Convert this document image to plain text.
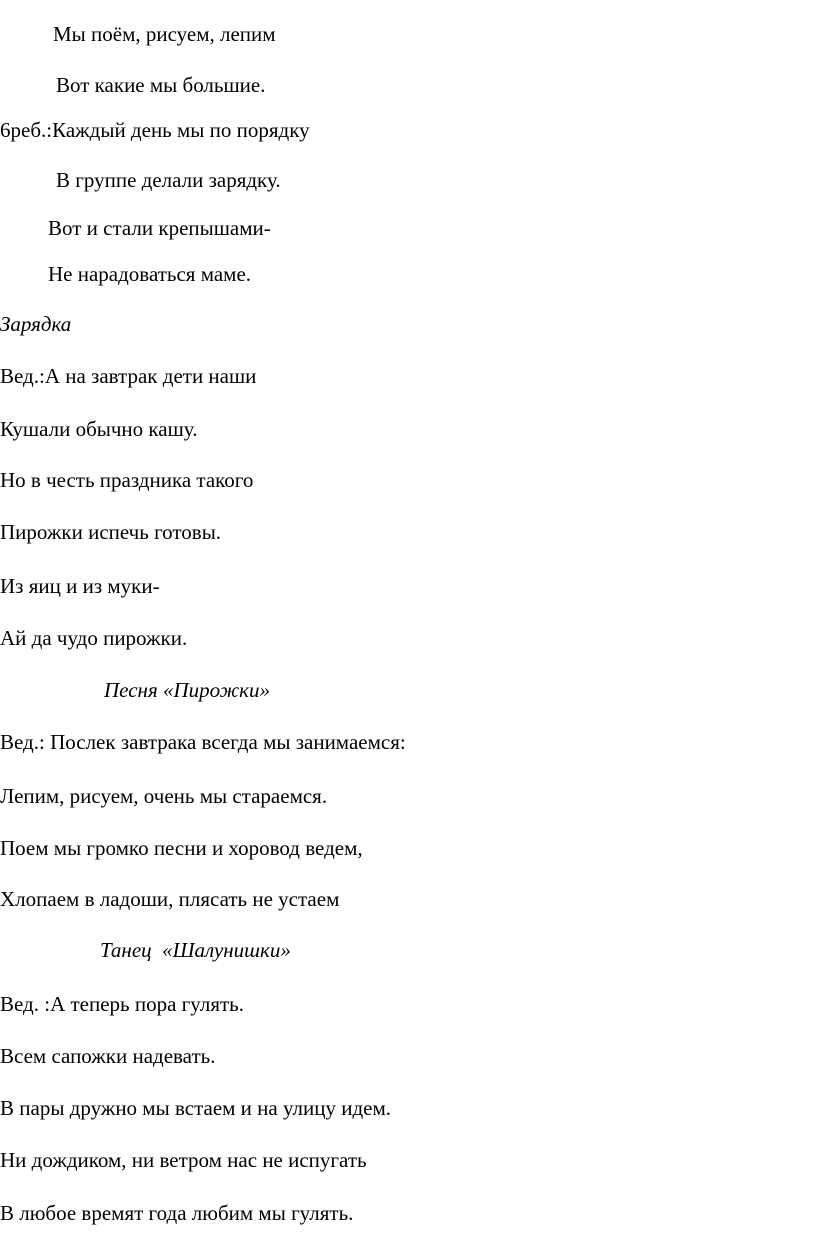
Мы поём, рисуем, лепим
Вот какие мы большие.
6реб.:Каждый день мы по порядку
В группе делали зарядку.
Вот и стали крепышами-
Не нарадоваться маме.
Зарядка
Вед.:А на завтрак дети наши
Кушали обычно кашу.
Но в честь праздника такого
Пирожки испечь готовы.
Из яиц и из муки-
Ай да чудо пирожки.
Песня «Пирожки»
Вед.: Послек завтрака всегда мы занимаемся:
Лепим, рисуем, очень мы стараемся.
Поем мы громко песни и хоровод ведем,
Хлопаем в ладоши, плясать не устаем
Танец  «Шалунишки»
Вед. :А теперь пора гулять.
Всем сапожки надевать.
В пары дружно мы встаем и на улицу идем.
Ни дождиком, ни ветром нас не испугать
В любое времят года любим мы гулять.
